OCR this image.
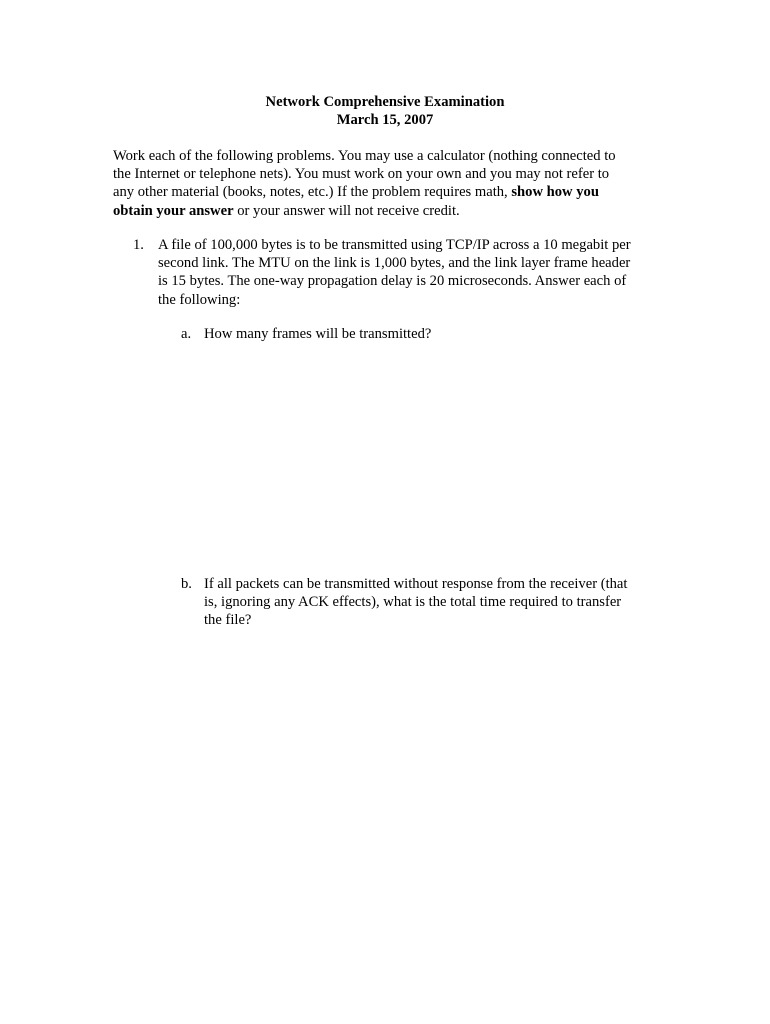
Network Comprehensive Examination
March 15, 2007
Work each of the following problems. You may use a calculator (nothing connected to
the Internet or telephone nets). You must work on your own and you may not refer to
any other material (books, notes, etc.) If the problem requires math, show how you
obtain your answer or your answer will not receive credit.
1. A file of 100,000 bytes is to be transmitted using TCP/IP across a 10 megabit per
second link. The MTU on the link is 1,000 bytes, and the link layer frame header
is 15 bytes. The one-way propagation delay is 20 microseconds. Answer each of
the following:
a. How many frames will be transmitted?
b. If all packets can be transmitted without response from the receiver (that
is, ignoring any ACK effects), what is the total time required to transfer
the file?
